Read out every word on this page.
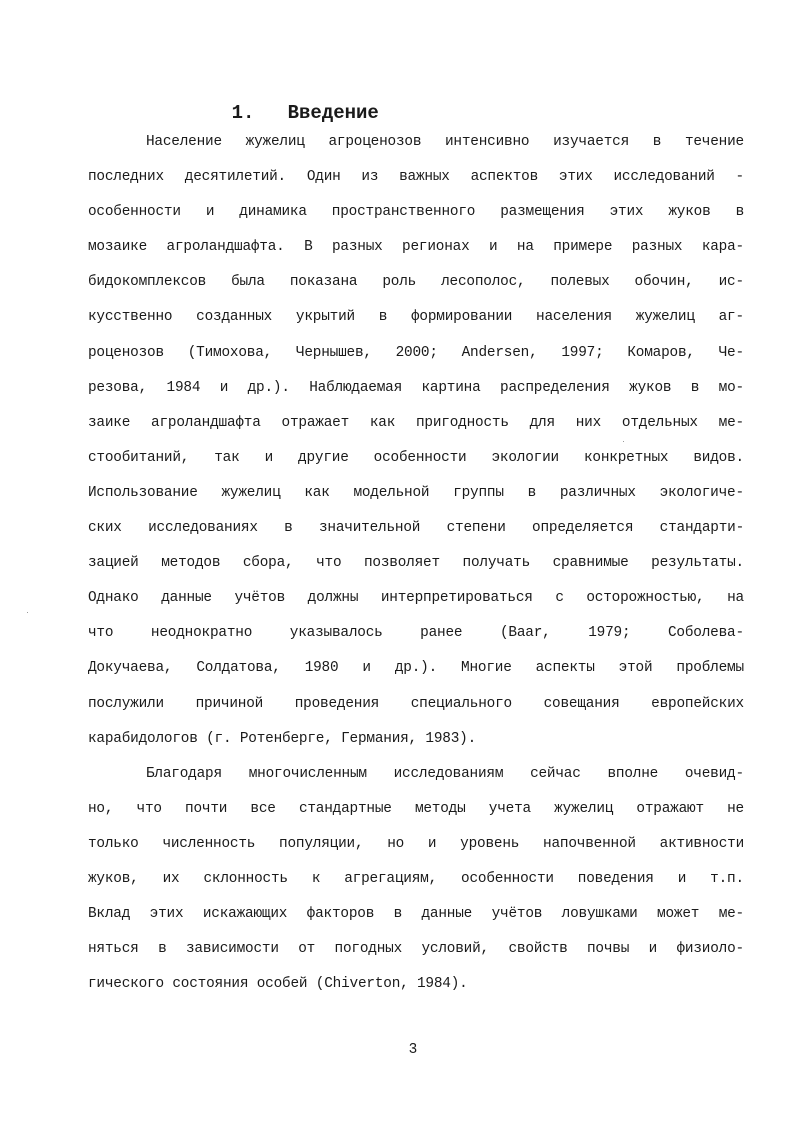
1. Введение

Население жужелиц агроценозов интенсивно изучается в течение
последних десятилетий. Один из важных аспектов этих исследований -
особенности и динамика пространственного размещения этих жуков в
мозаике агроландшафта. В разных регионах и на примере разных кара-
бидокомплексов была показана роль лесополос, полевых обочин, ис-
кусственно созданных укрытий в формировании населения жужелиц аг-
роценозов (Тимохова, Чернышев, 2000; Andersen, 1997; Комаров, Че-
резова, 1984 и др.). Наблюдаемая картина распределения жуков в мо-
заике агроландшафта отражает как пригодность для них отдельных ме-
стообитаний, так и другие особенности экологии конкретных видов.
Использование жужелиц как модельной группы в различных экологиче-
ских исследованиях в значительной степени определяется стандарти-
зацией методов сбора, что позволяет получать сравнимые результаты.
Однако данные учётов должны интерпретироваться с осторожностью, на
что	неоднократно	указывалось	ранее	(Baar,	1979;	Соболева-
Докучаева, Солдатова, 1980 и др.). Многие аспекты этой проблемы
послужили причиной проведения специального совещания европейских
карабидологов (г. Ротенберге, Германия, 1983).
Благодаря многочисленным исследованиям сейчас вполне очевид-
но, что почти все стандартные методы учета жужелиц отражают не
только численность популяции, но и уровень напочвенной активности
жуков, их склонность к агрегациям, особенности поведения и т.п.
Вклад этих искажающих факторов в данные учётов ловушками может ме-
няться в зависимости от погодных условий, свойств почвы и физиоло-
гического состояния особей (Chiverton, 1984).
3
